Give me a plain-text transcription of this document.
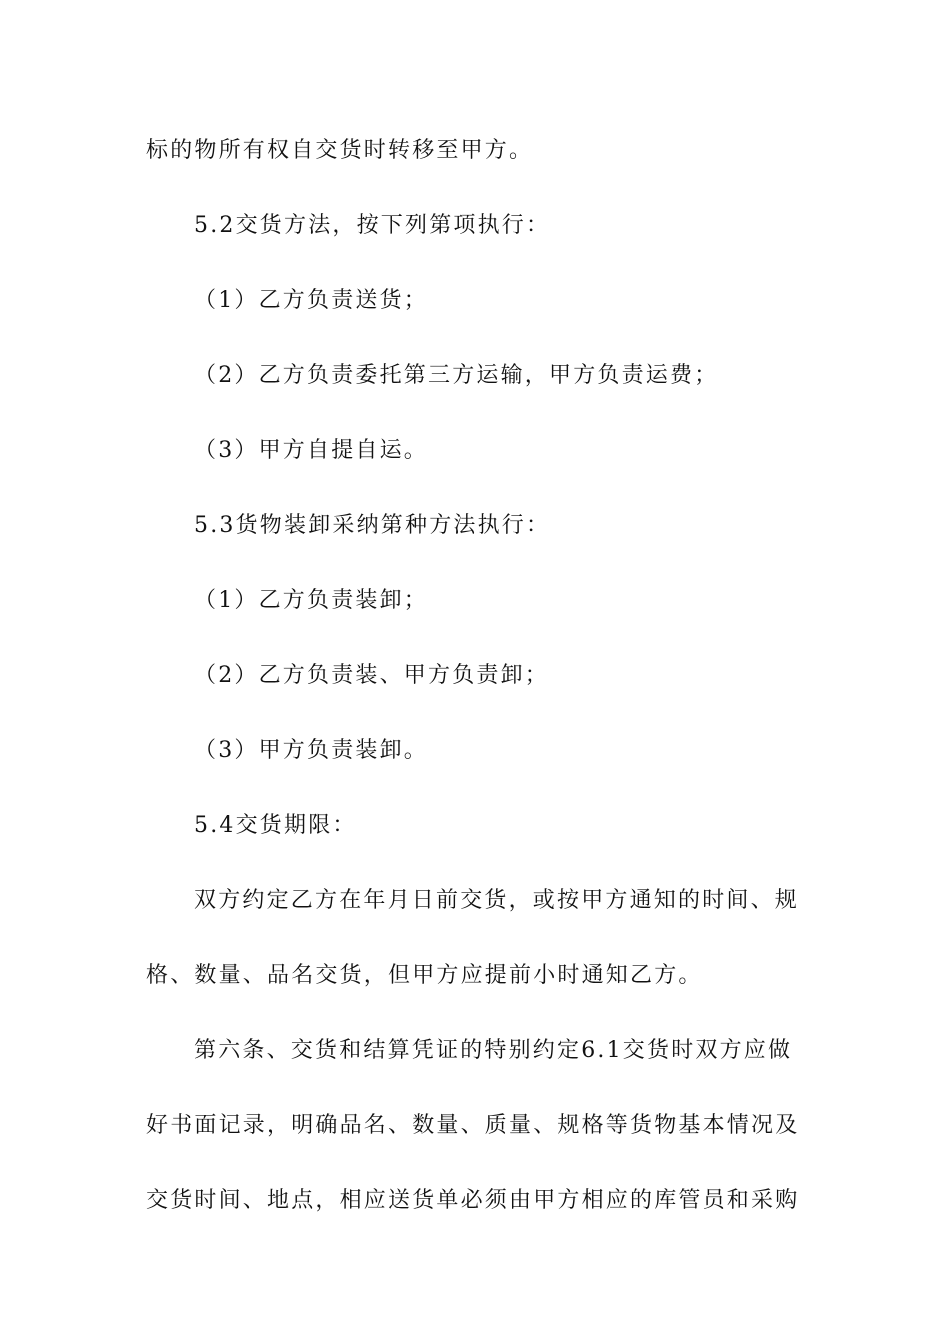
标的物所有权自交货时转移至甲方。
5.2交货方法，按下列第项执行：
（1）乙方负责送货；
（2）乙方负责委托第三方运输，甲方负责运费；
（3）甲方自提自运。
5.3货物装卸采纳第种方法执行：
（1）乙方负责装卸；
（2）乙方负责装、甲方负责卸；
（3）甲方负责装卸。
5.4交货期限：
双方约定乙方在年月日前交货，或按甲方通知的时间、规
格、数量、品名交货，但甲方应提前小时通知乙方。
第六条、交货和结算凭证的特别约定6.1交货时双方应做
好书面记录，明确品名、数量、质量、规格等货物基本情况及
交货时间、地点，相应送货单必须由甲方相应的库管员和采购
